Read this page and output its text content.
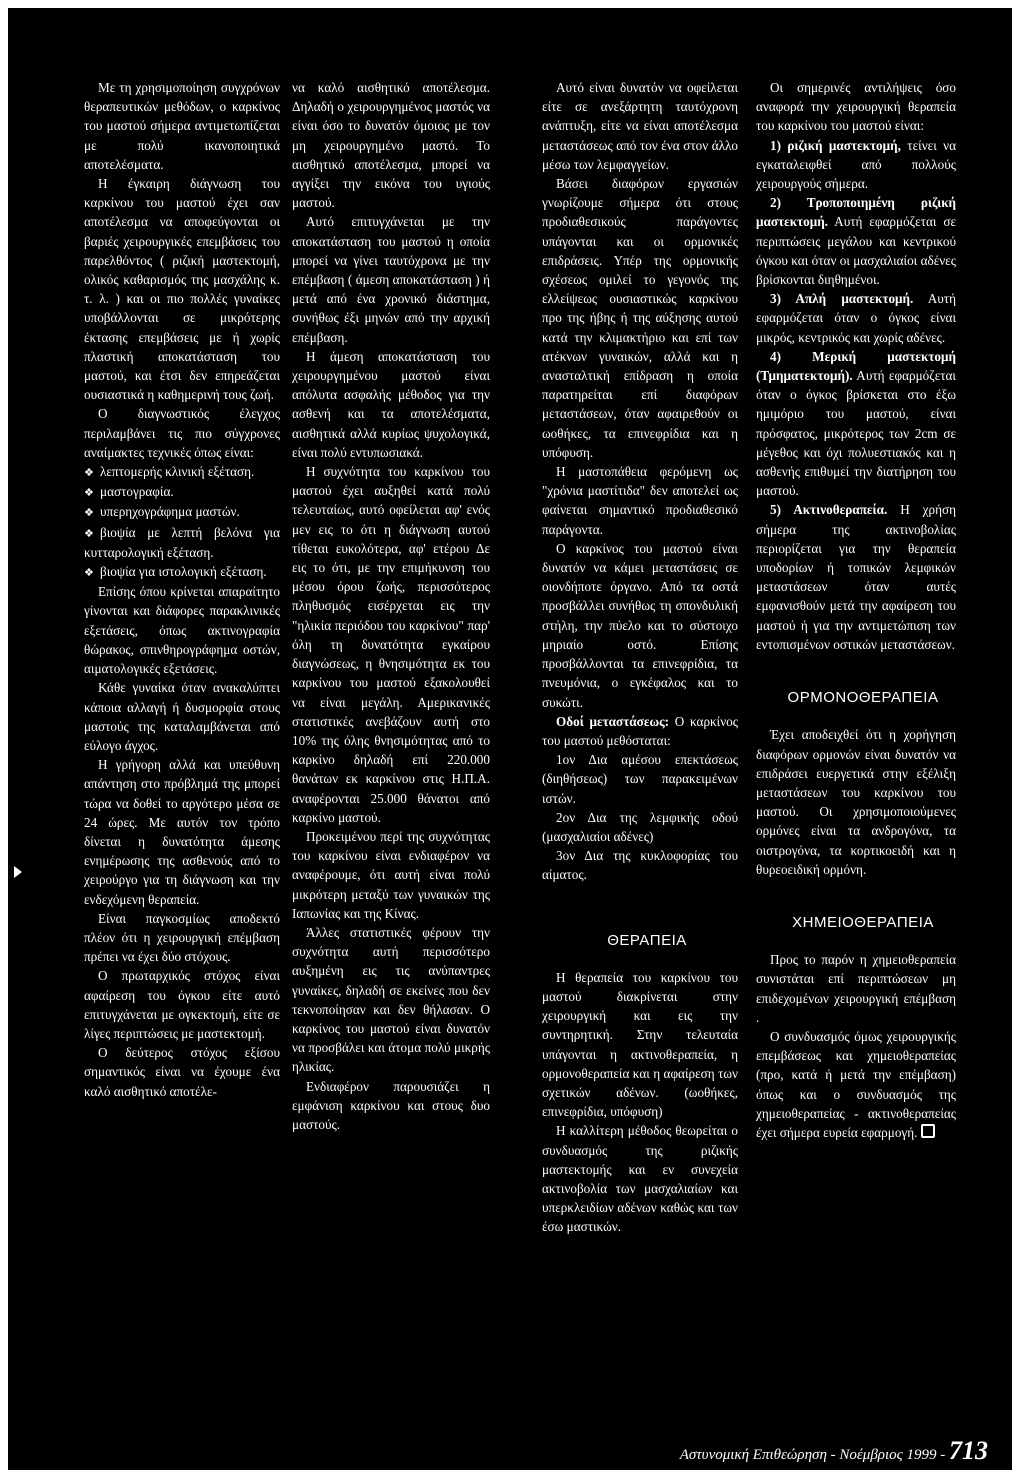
Με τη χρησιμοποίηση συγχρόνων θεραπευτικών μεθόδων, ο καρκίνος του μαστού σήμερα αντιμετωπίζεται με πολύ ικανοποιητικά αποτελέσματα.

Η έγκαιρη διάγνωση του καρκίνου του μαστού έχει σαν αποτέλεσμα να αποφεύγονται οι βαριές χειρουργικές επεμβάσεις του παρελθόντος ( ριζική μαστεκτομή, ολικός καθαρισμός της μασχάλης κ. τ. λ. ) και οι πιο πολλές γυναίκες υποβάλλονται σε μικρότερης έκτασης επεμβάσεις με ή χωρίς πλαστική αποκατάσταση του μαστού, και έτσι δεν επηρεάζεται ουσιαστικά η καθημερινή τους ζωή.

Ο διαγνωστικός έλεγχος περιλαμβάνει τις πιο σύγχρονες αναίμακτες τεχνικές όπως είναι:

❖ λεπτομερής κλινική εξέταση.

❖ μαστογραφία.

❖ υπερηχογράφημα μαστών.

❖ βιοψία με λεπτή βελόνα για κυτταρολογική εξέταση.

❖ βιοψία για ιστολογική εξέταση.

Επίσης όπου κρίνεται απαραίτητο γίνονται και διάφορες παρακλινικές εξετάσεις, όπως ακτινογραφία θώρακος, σπινθηρογράφημα οστών, αιματολογικές εξετάσεις.

Κάθε γυναίκα όταν ανακαλύπτει κάποια αλλαγή ή δυσμορφία στους μαστούς της καταλαμβάνεται από εύλογο άγχος.

Η γρήγορη αλλά και υπεύθυνη απάντηση στο πρόβλημά της μπορεί τώρα να δοθεί το αργότερο μέσα σε 24 ώρες. Με αυτόν τον τρόπο δίνεται η δυνατότητα άμεσης ενημέρωσης της ασθενούς από το χειρούργο για τη διάγνωση και την ενδεχόμενη θεραπεία.

Είναι παγκοσμίως αποδεκτό πλέον ότι η χειρουργική επέμβαση πρέπει να έχει δύο στόχους.

Ο πρωταρχικός στόχος είναι αφαίρεση του όγκου είτε αυτό επιτυγχάνεται με ογκεκτομή, είτε σε λίγες περιπτώσεις με μαστεκτομή.

Ο δεύτερος στόχος εξίσου σημαντικός είναι να έχουμε ένα καλό αισθητικό αποτέλε-

να καλό αισθητικό αποτέλεσμα. Δηλαδή ο χειρουργημένος μαστός να είναι όσο το δυνατόν όμοιος με τον μη χειρουργημένο μαστό. Το αισθητικό αποτέλεσμα, μπορεί να αγγίξει την εικόνα του υγιούς μαστού.

Αυτό επιτυγχάνεται με την αποκατάσταση του μαστού η οποία μπορεί να γίνει ταυτόχρονα με την επέμβαση ( άμεση αποκατάσταση ) ή μετά από ένα χρονικό διάστημα, συνήθως έξι μηνών από την αρχική επέμβαση.

Η άμεση αποκατάσταση του χειρουργημένου μαστού είναι απόλυτα ασφαλής μέθοδος για την ασθενή και τα αποτελέσματα, αισθητικά αλλά κυρίως ψυχολογικά, είναι πολύ εντυπωσιακά.

Η συχνότητα του καρκίνου του μαστού έχει αυξηθεί κατά πολύ τελευταίως, αυτό οφείλεται αφ' ενός μεν εις το ότι η διάγνωση αυτού τίθεται ευκολότερα, αφ' ετέρου Δε εις το ότι, με την επιμήκυνση του μέσου όρου ζωής, περισσότερος πληθυσμός εισέρχεται εις την "ηλικία περιόδου του καρκίνου" παρ' όλη τη δυνατότητα εγκαίρου διαγνώσεως, η θνησιμότητα εκ του καρκίνου του μαστού εξακολουθεί να είναι μεγάλη. Αμερικανικές στατιστικές ανεβάζουν αυτή στο 10% της όλης θνησιμότητας από το καρκίνο δηλαδή επί 220.000 θανάτων εκ καρκίνου στις Η.Π.Α. αναφέρονται 25.000 θάνατοι από καρκίνο μαστού.

Προκειμένου περί της συχνότητας του καρκίνου είναι ενδιαφέρον να αναφέρουμε, ότι αυτή είναι πολύ μικρότερη μεταξύ των γυναικών της Ιαπωνίας και της Κίνας.

Άλλες στατιστικές φέρουν την συχνότητα αυτή περισσότερο αυξημένη εις τις ανύπαντρες γυναίκες, δηλαδή σε εκείνες που δεν τεκνοποίησαν και δεν θήλασαν. Ο καρκίνος του μαστού είναι δυνατόν να προσβάλει και άτομα πολύ μικρής ηλικίας.

Ενδιαφέρον παρουσιάζει η εμφάνιση καρκίνου και στους δυο μαστούς.

Αυτό είναι δυνατόν να οφείλεται είτε σε ανεξάρτητη ταυτόχρονη ανάπτυξη, είτε να είναι αποτέλεσμα μεταστάσεως από τον ένα στον άλλο μέσω των λεμφαγγείων.

Βάσει διαφόρων εργασιών γνωρίζουμε σήμερα ότι στους προδιαθεσικούς παράγοντες υπάγονται και οι ορμονικές επιδράσεις. Υπέρ της ορμονικής σχέσεως ομιλεί το γεγονός της ελλείψεως ουσιαστικώς καρκίνου προ της ήβης ή της αύξησης αυτού κατά την κλιμακτήριο και επί των ατέκνων γυναικών, αλλά και η ανασταλτική επίδραση η οποία παρατηρείται επί διαφόρων μεταστάσεων, όταν αφαιρεθούν οι ωοθήκες, τα επινεφρίδια και η υπόφυση.

Η μαστοπάθεια φερόμενη ως "χρόνια μαστίτιδα" δεν αποτελεί ως φαίνεται σημαντικό προδιαθεσικό παράγοντα.

Ο καρκίνος του μαστού είναι δυνατόν να κάμει μεταστάσεις σε οιονδήποτε όργανο. Από τα οστά προσβάλλει συνήθως τη σπονδυλική στήλη, την πύελο και το σύστοιχο μηριαίο οστό. Επίσης προσβάλλονται τα επινεφρίδια, τα πνευμόνια, ο εγκέφαλος και το συκώτι.

Οδοί μεταστάσεως: Ο καρκίνος του μαστού μεθόσταται:

1ον Δια αμέσου επεκτάσεως (διηθήσεως) των παρακειμένων ιστών.

2ον Δια της λεμφικής οδού (μασχαλιαίοι αδένες)

3ον Δια της κυκλοφορίας του αίματος.

ΘΕΡΑΠΕΙΑ

Η θεραπεία του καρκίνου του μαστού διακρίνεται στην χειρουργική και εις την συντηρητική. Στην τελευταία υπάγονται η ακτινοθεραπεία, η ορμονοθεραπεία και η αφαίρεση των σχετικών αδένων. (ωοθήκες, επινεφρίδια, υπόφυση)

Η καλλίτερη μέθοδος θεωρείται ο συνδυασμός της ριζικής μαστεκτομής και εν συνεχεία ακτινοβολία των μασχαλιαίων και υπερκλειδίων αδένων καθώς και των έσω μαστικών.

Οι σημερινές αντιλήψεις όσο αναφορά την χειρουργική θεραπεία του καρκίνου του μαστού είναι:

1) ριζική μαστεκτομή, τείνει να εγκαταλειφθεί από πολλούς χειρουργούς σήμερα.

2) Τροποποιημένη ριζική μαστεκτομή. Αυτή εφαρμόζεται σε περιπτώσεις μεγάλου και κεντρικού όγκου και όταν οι μασχαλιαίοι αδένες βρίσκονται διηθημένοι.

3) Απλή μαστεκτομή. Αυτή εφαρμόζεται όταν ο όγκος είναι μικρός, κεντρικός και χωρίς αδένες.

4) Μερική μαστεκτομή (Τμηματεκτομή). Αυτή εφαρμόζεται όταν ο όγκος βρίσκεται στο έξω ημιμόριο του μαστού, είναι πρόσφατος, μικρότερος των 2cm σε μέγεθος και όχι πολυεστιακός και η ασθενής επιθυμεί την διατήρηση του μαστού.

5) Ακτινοθεραπεία. Η χρήση σήμερα της ακτινοβολίας περιορίζεται για την θεραπεία υποδορίων ή τοπικών λεμφικών μεταστάσεων όταν αυτές εμφανισθούν μετά την αφαίρεση του μαστού ή για την αντιμετώπιση των εντοπισμένων οστικών μεταστάσεων.

ΟΡΜΟΝΟΘΕΡΑΠΕΙΑ

Έχει αποδειχθεί ότι η χορήγηση διαφόρων ορμονών είναι δυνατόν να επιδράσει ευεργετικά στην εξέλιξη μεταστάσεων του καρκίνου του μαστού. Οι χρησιμοποιούμενες ορμόνες είναι τα ανδρογόνα, τα οιστρογόνα, τα κορτικοειδή και η θυρεοειδική ορμόνη.

ΧΗΜΕΙΟΘΕΡΑΠΕΙΑ

Προς το παρόν η χημειοθεραπεία συνιστάται επί περιπτώσεων μη επιδεχομένων χειρουργική επέμβαση .

Ο συνδυασμός όμως χειρουργικής επεμβάσεως και χημειοθεραπείας (προ, κατά ή μετά την επέμβαση) όπως και ο συνδυασμός της χημειοθεραπείας - ακτινοθεραπείας έχει σήμερα ευρεία εφαρμογή.

Αστυνομική Επιθεώρηση - Νοέμβριος 1999 - 713
